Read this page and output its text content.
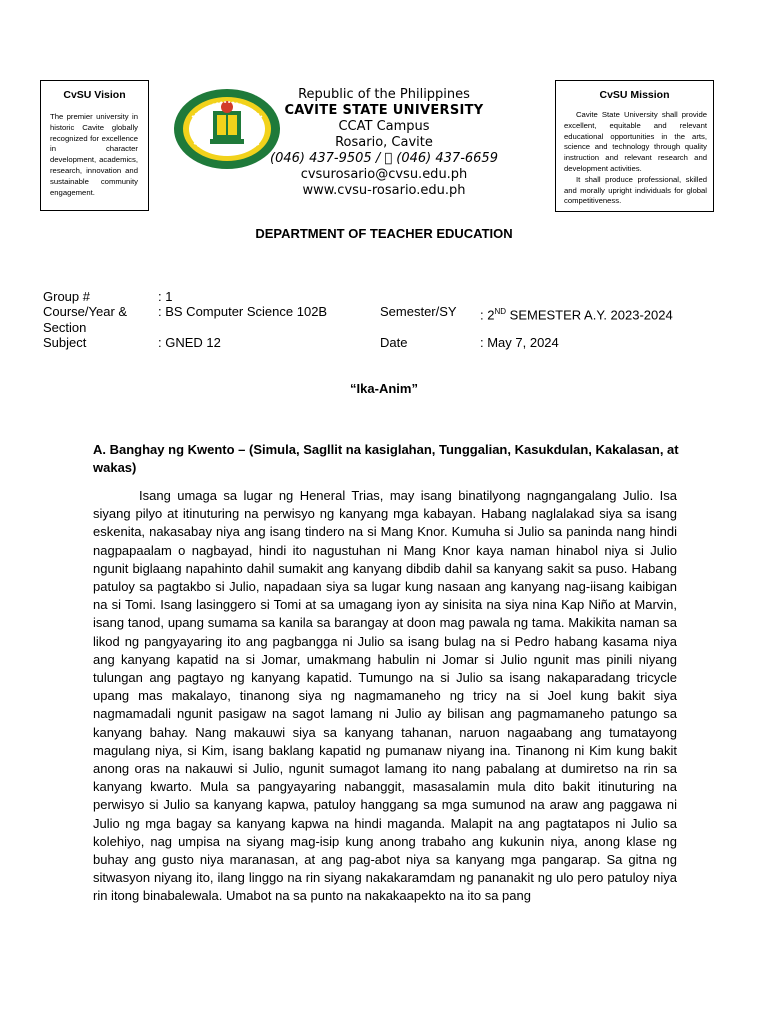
CvSU Vision
The premier university in historic Cavite globally recognized for excellence in character development, academics, research, innovation and sustainable community engagement.
Republic of the Philippines
CAVITE STATE UNIVERSITY
CCAT Campus
Rosario, Cavite
(046) 437-9505 /   (046) 437-6659
cvsurosario@cvsu.edu.ph
www.cvsu-rosario.edu.ph
CvSU Mission

Cavite State University shall provide excellent, equitable and relevant educational opportunities in the arts, science and technology through quality instruction and relevant research and development activities.

It shall produce professional, skilled and morally upright individuals for global competitiveness.

DEPARTMENT OF TEACHER EDUCATION
Group #	: 1
Course/Year &
Section
: BS Computer Science 102B	Semester/SY : 2ND SEMESTER A.Y. 2023-2024
Subject	: GNED 12	Date	: May 7, 2024
“Ika-Anim”
A. Banghay ng Kwento – (Simula, Sagllit na kasiglahan, Tunggalian, Kasukdulan, Kakalasan, at wakas)
Isang umaga sa lugar ng Heneral Trias, may isang binatilyong nagngangalang Julio. Isa siyang pilyo at itinuturing na perwisyo ng kanyang mga kabayan. Habang naglalakad siya sa isang eskenita, nakasabay niya ang isang tindero na si Mang Knor. Kumuha si Julio sa paninda nang hindi nagpapaalam o nagbayad, hindi ito nagustuhan ni Mang Knor kaya naman hinabol niya si Julio ngunit biglaang napahinto dahil sumakit ang kanyang dibdib dahil sa kanyang sakit sa puso. Habang patuloy sa pagtakbo si Julio, napadaan siya sa lugar kung nasaan ang kanyang nag-iisang kaibigan na si Tomi. Isang lasinggero si Tomi at sa umagang iyon ay sinisita na siya nina Kap Niño at Marvin, isang tanod, upang sumama sa kanila sa barangay at doon mag pawala ng tama. Makikita naman sa likod ng pangyayaring ito ang pagbangga ni Julio sa isang bulag na si Pedro habang kasama niya ang kanyang kapatid na si Jomar, umakmang habulin ni Jomar si Julio ngunit mas pinili niyang tulungan ang pagtayo ng kanyang kapatid. Tumungo na si Julio sa isang nakaparadang tricycle upang mas makalayo, tinanong siya ng nagmamaneho ng tricy na si Joel kung bakit siya nagmamadali ngunit pasigaw na sagot lamang ni Julio ay bilisan ang pagmamaneho patungo sa kanyang bahay. Nang makauwi siya sa kanyang tahanan, naruon nagaabang ang tumatayong magulang niya, si Kim, isang baklang kapatid ng pumanaw niyang ina. Tinanong ni Kim kung bakit anong oras na nakauwi si Julio, ngunit sumagot lamang ito nang pabalang at dumiretso na rin sa kanyang kwarto. Mula sa pangyayaring nabanggit, masasalamin mula dito bakit itinuturing na perwisyo si Julio sa kanyang kapwa, patuloy hanggang sa mga sumunod na araw ang paggawa ni Julio ng mga bagay sa kanyang kapwa na hindi maganda. Malapit na ang pagtatapos ni Julio sa kolehiyo, nag umpisa na siyang mag-isip kung anong trabaho ang kukunin niya, anong klase ng buhay ang gusto niya maranasan, at ang pag-abot niya sa kanyang mga pangarap. Sa gitna ng sitwasyon niyang ito, ilang linggo na rin siyang nakakaramdam ng pananakit ng ulo pero patuloy niya rin itong binabalewala. Umabot na sa punto na nakakaapekto na ito sa pang
